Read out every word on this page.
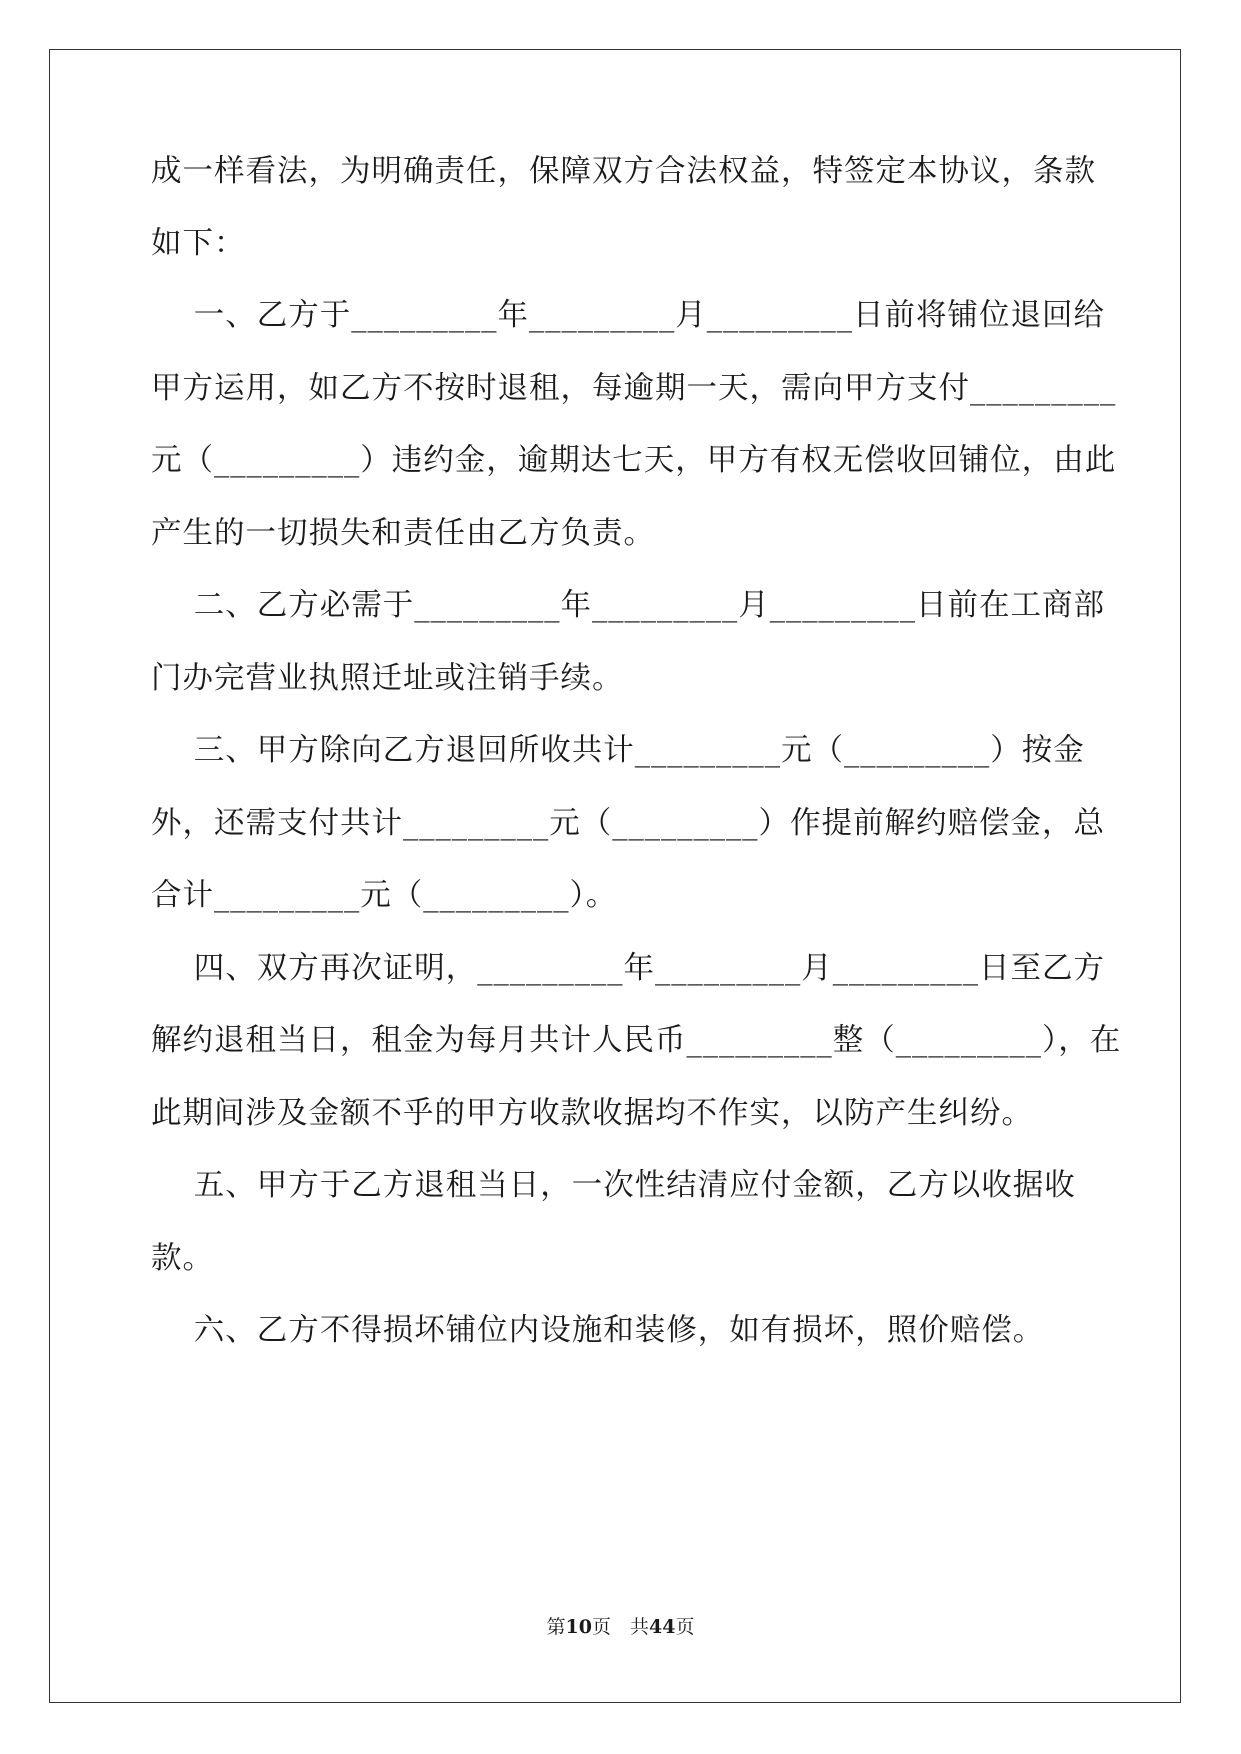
成一样看法，为明确责任，保障双方合法权益，特签定本协议，条款

如下：

一、乙方于_________年_________月_________日前将铺位退回给

甲方运用，如乙方不按时退租，每逾期一天，需向甲方支付_________

元（_________）违约金，逾期达七天，甲方有权无偿收回铺位，由此

产生的一切损失和责任由乙方负责。

二、乙方必需于_________年_________月_________日前在工商部

门办完营业执照迁址或注销手续。

三、甲方除向乙方退回所收共计_________元（_________）按金

外，还需支付共计_________元（_________）作提前解约赔偿金，总

合计_________元（_________）。

四、双方再次证明，_________年_________月_________日至乙方

解约退租当日，租金为每月共计人民币_________整（_________），在

此期间涉及金额不乎的甲方收款收据均不作实，以防产生纠纷。

五、甲方于乙方退租当日，一次性结清应付金额，乙方以收据收

款。

六、乙方不得损坏铺位内设施和装修，如有损坏，照价赔偿。

第10页　共44页
